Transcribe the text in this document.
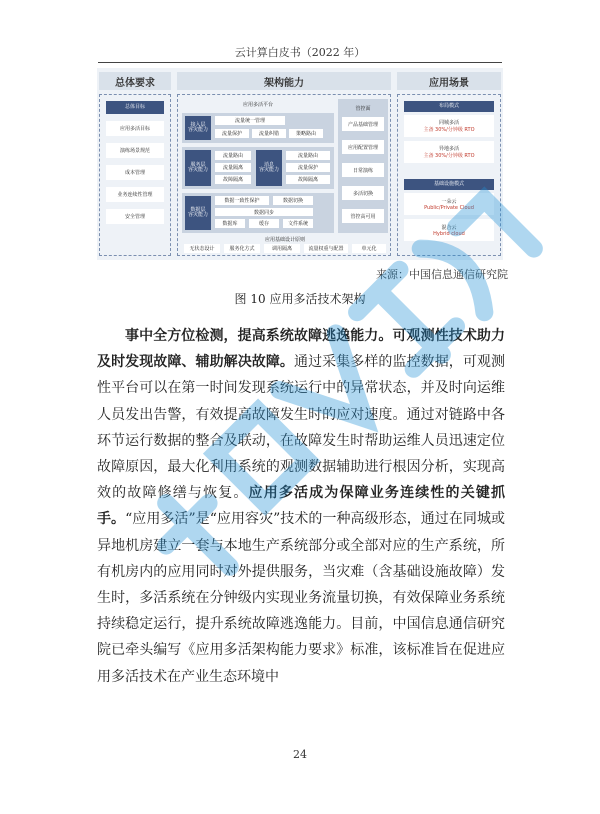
云计算白皮书（2022 年）
总体要求	架构能力	应用场景
总体目标
应用多活目标
演练场景规范
成本管理
业务连续性管理
安全管理
应用多活平台
接入层
容灾能力
流量统一管理
流量保护	流量纠错	策略路由
服务层
容灾能力
流量路由
流量隔离
故障隔离
消息
容灾能力
流量路由
流量保护
故障隔离
数据层
容灾能力
数据一致性保护	数据切换
数据同步
数据库	缓存	文件系统
管控面
产品基础管理
应用配置管理
日常演练
多活切换
管控高可用
应用基础设计原则
无状态设计	服务化方式	调用隔离	流量权重与配置	单元化
布局模式
同城多活
主备 30%/分钟级 RTO
异地多活
主备 30%/分钟级 RTO
基础设施模式
一朵云
Public/Private Cloud
混合云
Hybrid cloud
来源：中国信息通信研究院
图 10 应用多活技术架构

事中全方位检测，提高系统故障逃逸能力。可观测性技术助力及时发现故障、辅助解决故障。通过采集多样的监控数据，可观测性平台可以在第一时间发现系统运行中的异常状态，并及时向运维人员发出告警，有效提高故障发生时的应对速度。通过对链路中各环节运行数据的整合及联动，在故障发生时帮助运维人员迅速定位故障原因，最大化利用系统的观测数据辅助进行根因分析，实现高效的故障修缮与恢复。应用多活成为保障业务连续性的关键抓手。“应用多活”是“应用容灾”技术的一种高级形态，通过在同城或异地机房建立一套与本地生产系统部分或全部对应的生产系统，所有机房内的应用同时对外提供服务，当灾难（含基础设施故障）发生时，多活系统在分钟级内实现业务流量切换，有效保障业务系统持续稳定运行，提升系统故障逃逸能力。目前，中国信息通信研究院已牵头编写《应用多活架构能力要求》标准，该标准旨在促进应用多活技术在产业生态环境中

24
